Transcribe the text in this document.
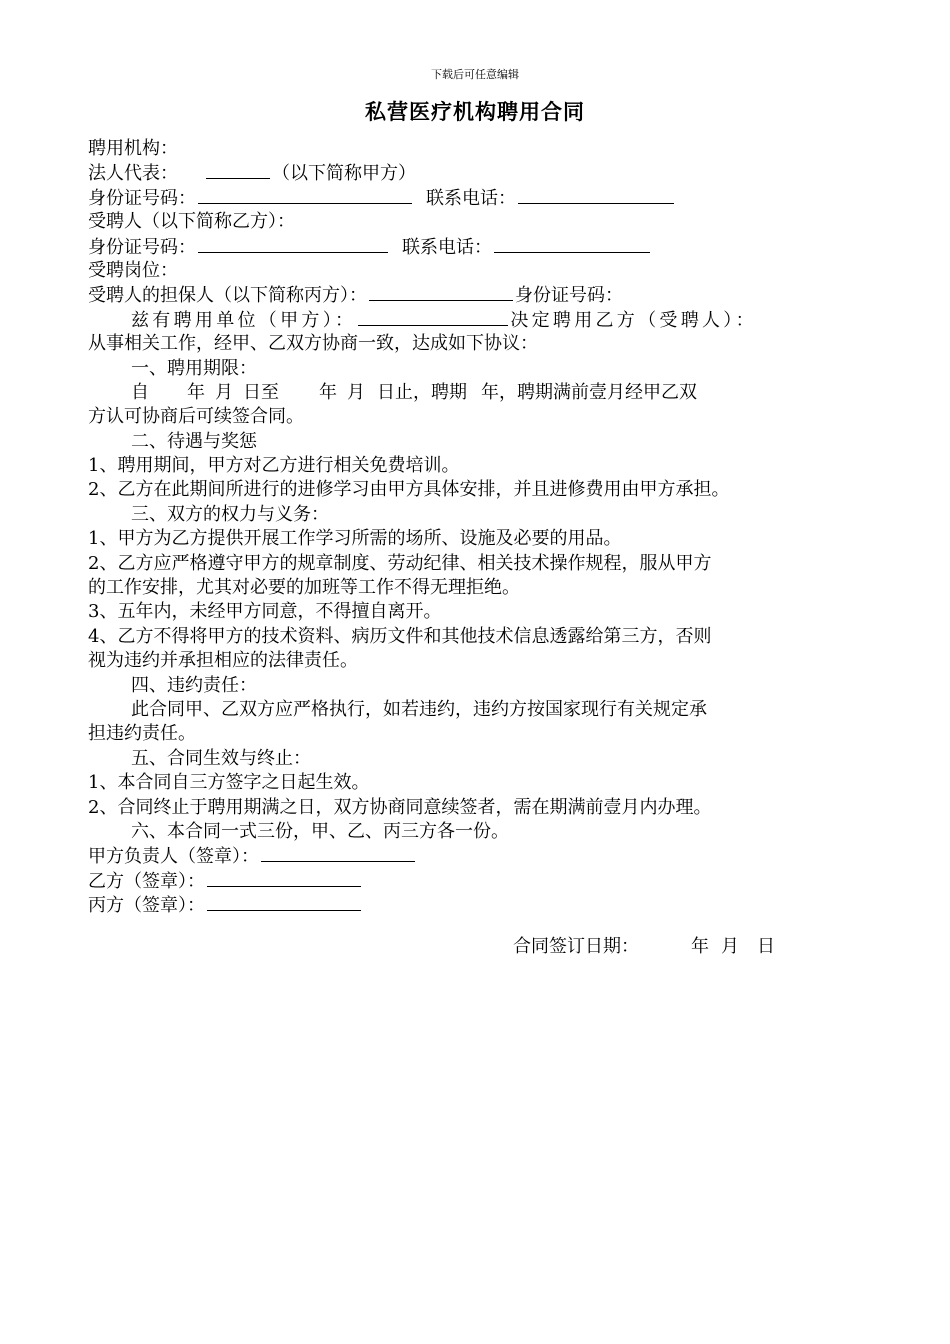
下载后可任意编辑
私营医疗机构聘用合同
聘用机构：
法人代表：	（以下简称甲方）
身份证号码：	联系电话：
受聘人（以下简称乙方）：
身份证号码：	联系电话：
受聘岗位：
受聘人的担保人（以下简称丙方）：	身份证号码：
兹有聘用单位（甲方）：	决定聘用乙方（受聘人）：
从事相关工作，经甲、乙双方协商一致，达成如下协议：
一、聘用期限：
自 年 月 日至 年 月 日止，聘期 年，聘期满前壹月经甲乙双
方认可协商后可续签合同。
二、待遇与奖惩
1、聘用期间，甲方对乙方进行相关免费培训。
2、乙方在此期间所进行的进修学习由甲方具体安排，并且进修费用由甲方承担。
三、双方的权力与义务：
1、甲方为乙方提供开展工作学习所需的场所、设施及必要的用品。
2、乙方应严格遵守甲方的规章制度、劳动纪律、相关技术操作规程，服从甲方
的工作安排，尤其对必要的加班等工作不得无理拒绝。
3、五年内，未经甲方同意，不得擅自离开。
4、乙方不得将甲方的技术资料、病历文件和其他技术信息透露给第三方，否则
视为违约并承担相应的法律责任。
四、违约责任：
此合同甲、乙双方应严格执行，如若违约，违约方按国家现行有关规定承
担违约责任。
五、合同生效与终止：
1、本合同自三方签字之日起生效。
2、合同终止于聘用期满之日，双方协商同意续签者，需在期满前壹月内办理。
六、本合同一式三份，甲、乙、丙三方各一份。
甲方负责人（签章）：
乙方（签章）：
丙方（签章）：
合同签订日期：	年 月 日
